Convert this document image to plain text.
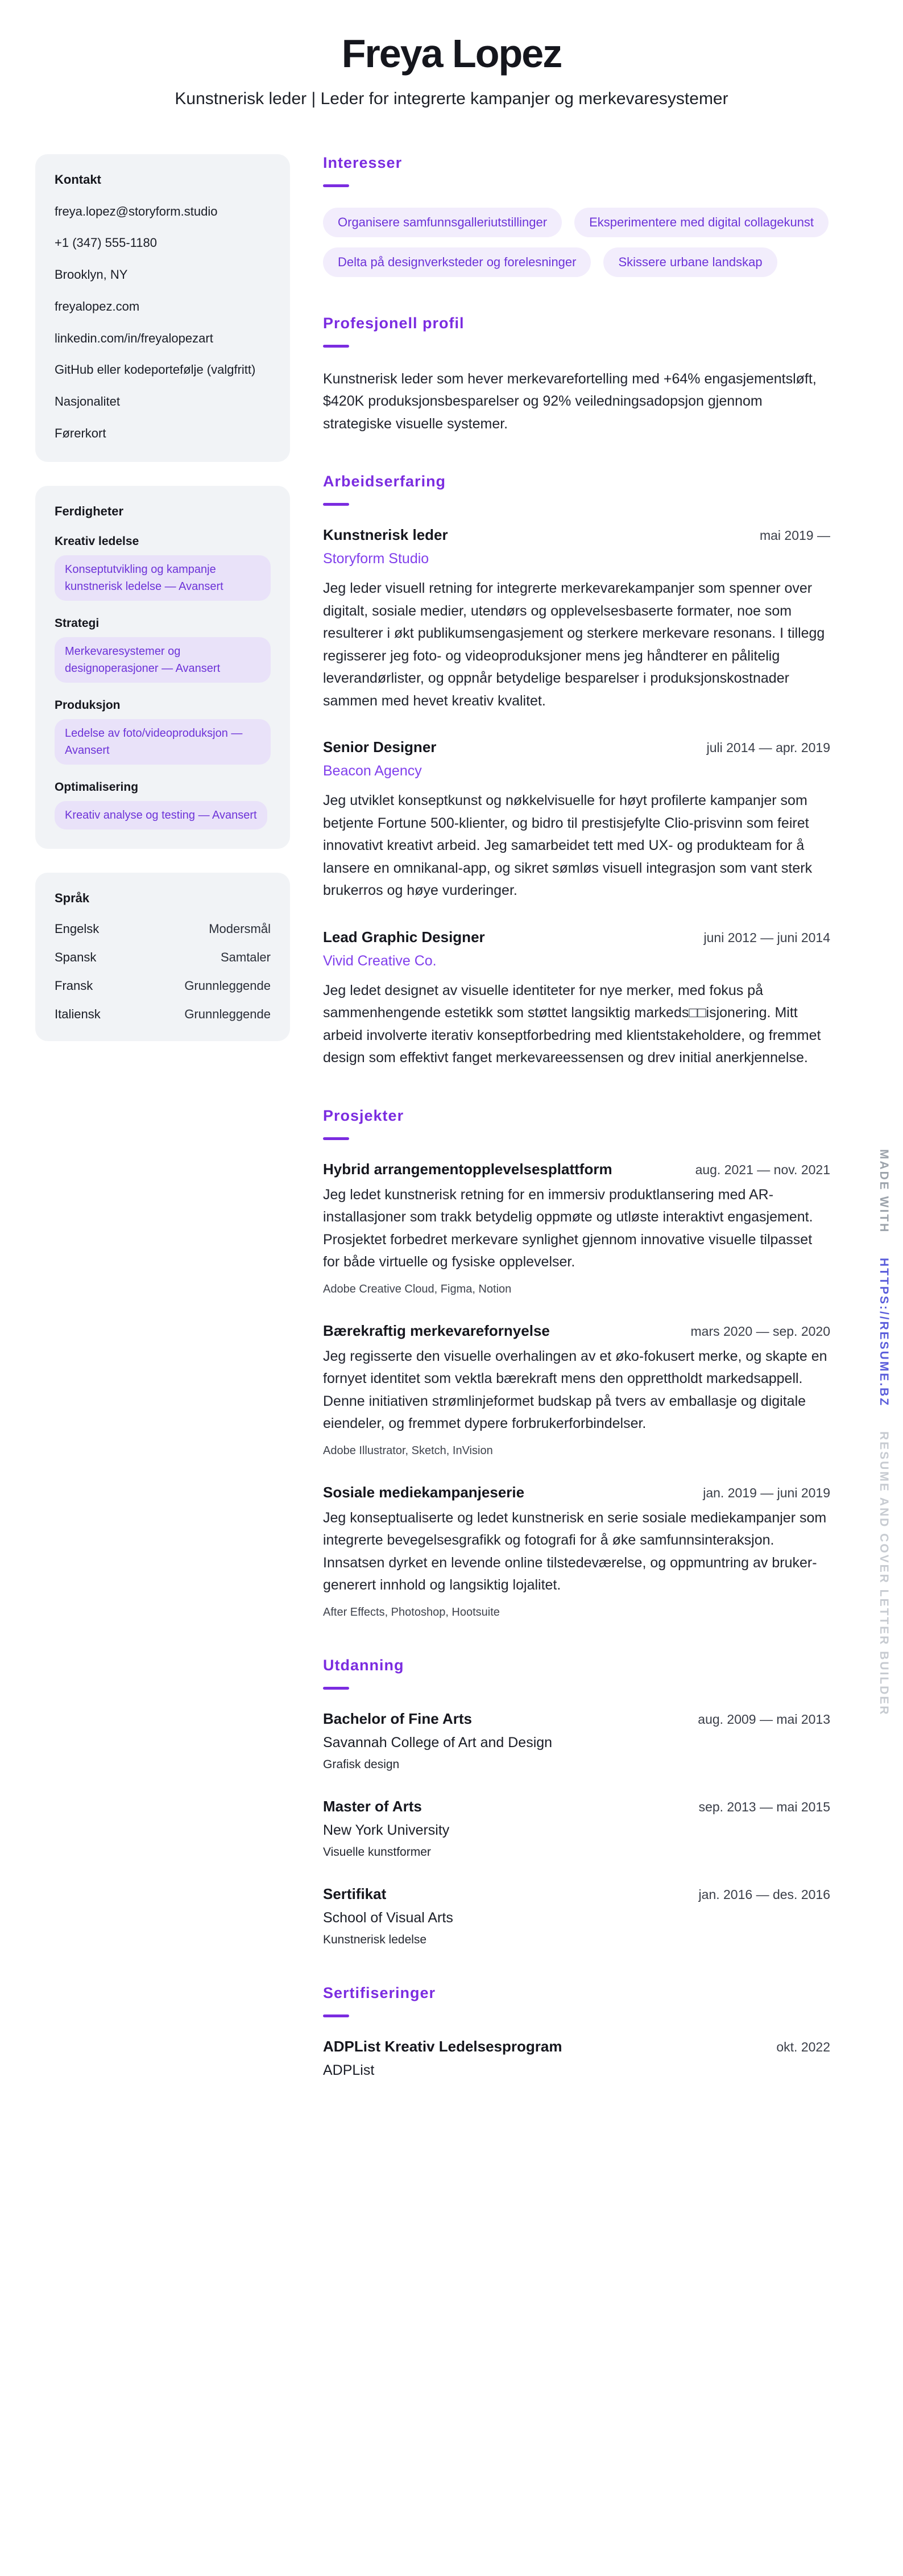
Freya Lopez

Kunstnerisk leder | Leder for integrerte kampanjer og merkevaresystemer

Kontakt
freya.lopez@storyform.studio
+1 (347) 555-1180
Brooklyn, NY
freyalopez.com
linkedin.com/in/freyalopezart
GitHub eller kodeportefølje (valgfritt)
Nasjonalitet
Førerkort
Ferdigheter
Kreativ ledelse
Konseptutvikling og kampanje kunstnerisk ledelse — Avansert
Strategi
Merkevaresystemer og designoperasjoner — Avansert
Produksjon
Ledelse av foto/videoproduksjon — Avansert
Optimalisering
Kreativ analyse og testing — Avansert
Språk
Engelsk	Modersmål
Spansk	Samtaler
Fransk	Grunnleggende
Italiensk	Grunnleggende
Interesser
Organisere samfunnsgalleriutstillinger	Eksperimentere med digital collagekunst
Delta på designverksteder og forelesninger	Skissere urbane landskap
Profesjonell profil

Kunstnerisk leder som hever merkevarefortelling med +64% engasjementsløft, $420K produksjonsbesparelser og 92% veiledningsadopsjon gjennom strategiske visuelle systemer.

Arbeidserfaring
Kunstnerisk leder	mai 2019 —
Storyform Studio

Jeg leder visuell retning for integrerte merkevarekampanjer som spenner over digitalt, sosiale medier, utendørs og opplevelsesbaserte formater, noe som resulterer i økt publikumsengasjement og sterkere merkevare resonans. I tillegg regisserer jeg foto- og videoproduksjoner mens jeg håndterer en pålitelig leverandørlister, og oppnår betydelige besparelser i produksjonskostnader sammen med hevet kreativ kvalitet.

Senior Designer	juli 2014 — apr. 2019
Beacon Agency

Jeg utviklet konseptkunst og nøkkelvisuelle for høyt profilerte kampanjer som betjente Fortune 500-klienter, og bidro til prestisjefylte Clio-prisvinn som feiret innovativt kreativt arbeid. Jeg samarbeidet tett med UX- og produkteam for å lansere en omnikanal-app, og sikret sømløs visuell integrasjon som vant sterk brukerros og høye vurderinger.

Lead Graphic Designer	juni 2012 — juni 2014
Vivid Creative Co.

Jeg ledet designet av visuelle identiteter for nye merker, med fokus på sammenhengende estetikk som støttet langsiktig markeds□□isjonering. Mitt arbeid involverte iterativ konseptforbedring med klientstakeholdere, og fremmet design som effektivt fanget merkevareessensen og drev initial anerkjennelse.

Prosjekter
Hybrid arrangementopplevelsesplattform	aug. 2021 — nov. 2021

Jeg ledet kunstnerisk retning for en immersiv produktlansering med AR-installasjoner som trakk betydelig oppmøte og utløste interaktivt engasjement. Prosjektet forbedret merkevare synlighet gjennom innovative visuelle tilpasset for både virtuelle og fysiske opplevelser.

Adobe Creative Cloud, Figma, Notion
Bærekraftig merkevarefornyelse	mars 2020 — sep. 2020

Jeg regisserte den visuelle overhalingen av et øko-fokusert merke, og skapte en fornyet identitet som vektla bærekraft mens den opprettholdt markedsappell. Denne initiativen strømlinjeformet budskap på tvers av emballasje og digitale eiendeler, og fremmet dypere forbrukerforbindelser.

Adobe Illustrator, Sketch, InVision
Sosiale mediekampanjeserie	jan. 2019 — juni 2019

Jeg konseptualiserte og ledet kunstnerisk en serie sosiale mediekampanjer som integrerte bevegelsesgrafikk og fotografi for å øke samfunnsinteraksjon. Innsatsen dyrket en levende online tilstedeværelse, og oppmuntring av bruker-generert innhold og langsiktig lojalitet.

After Effects, Photoshop, Hootsuite
Utdanning
Bachelor of Fine Arts	aug. 2009 — mai 2013
Savannah College of Art and Design
Grafisk design
Master of Arts	sep. 2013 — mai 2015
New York University
Visuelle kunstformer
Sertifikat	jan. 2016 — des. 2016
School of Visual Arts
Kunstnerisk ledelse
Sertifiseringer
ADPList Kreativ Ledelsesprogram	okt. 2022
ADPList
MADE WITH HTTPS://RESUME.BZ RESUME AND COVER LETTER BUILDER
